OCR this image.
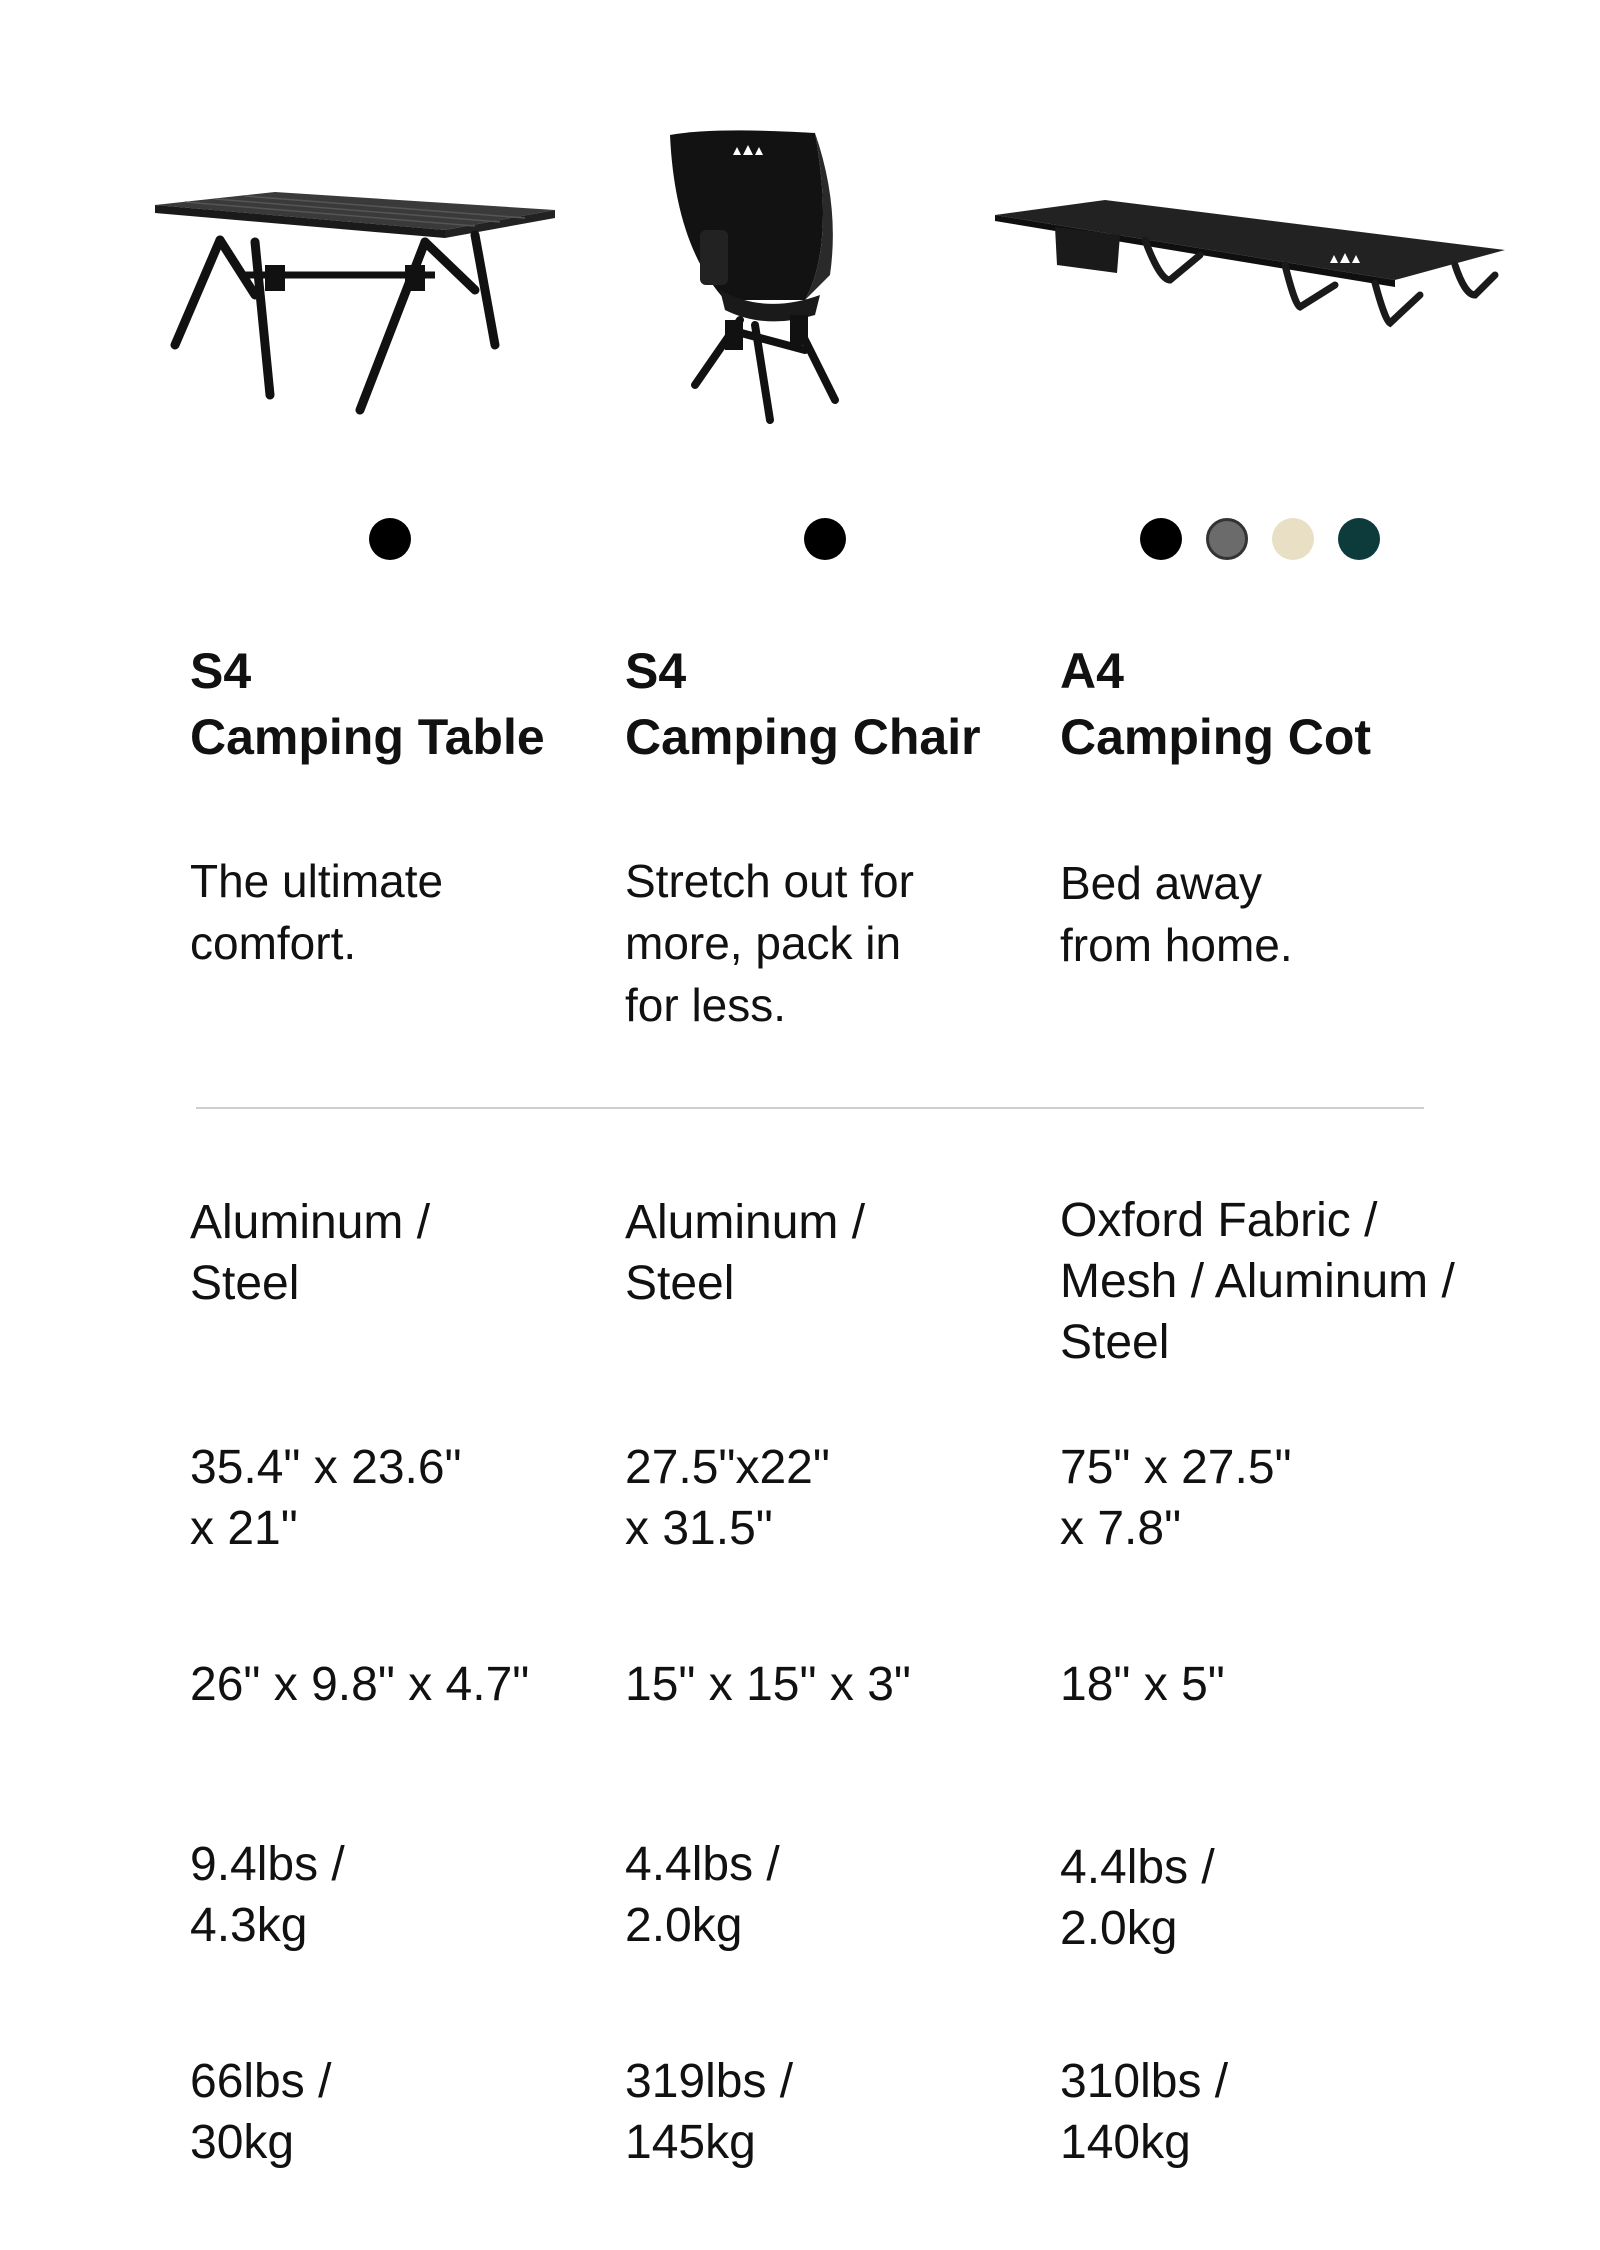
S4
Camping Table
S4
Camping Chair
A4
Camping Cot
The ultimate
comfort.
Stretch out for
more, pack in
for less.
Bed away
from home.
Aluminum /
Steel
Aluminum /
Steel
Oxford Fabric /
Mesh / Aluminum /
Steel
35.4" x 23.6"
x 21"
27.5"x22"
x 31.5"
75" x 27.5"
x 7.8"
26" x 9.8" x 4.7"	15" x 15" x 3"	18" x 5"
9.4lbs /
4.3kg
4.4lbs /
2.0kg
4.4lbs /
2.0kg
66lbs /
30kg
319lbs /
145kg
310lbs /
140kg
